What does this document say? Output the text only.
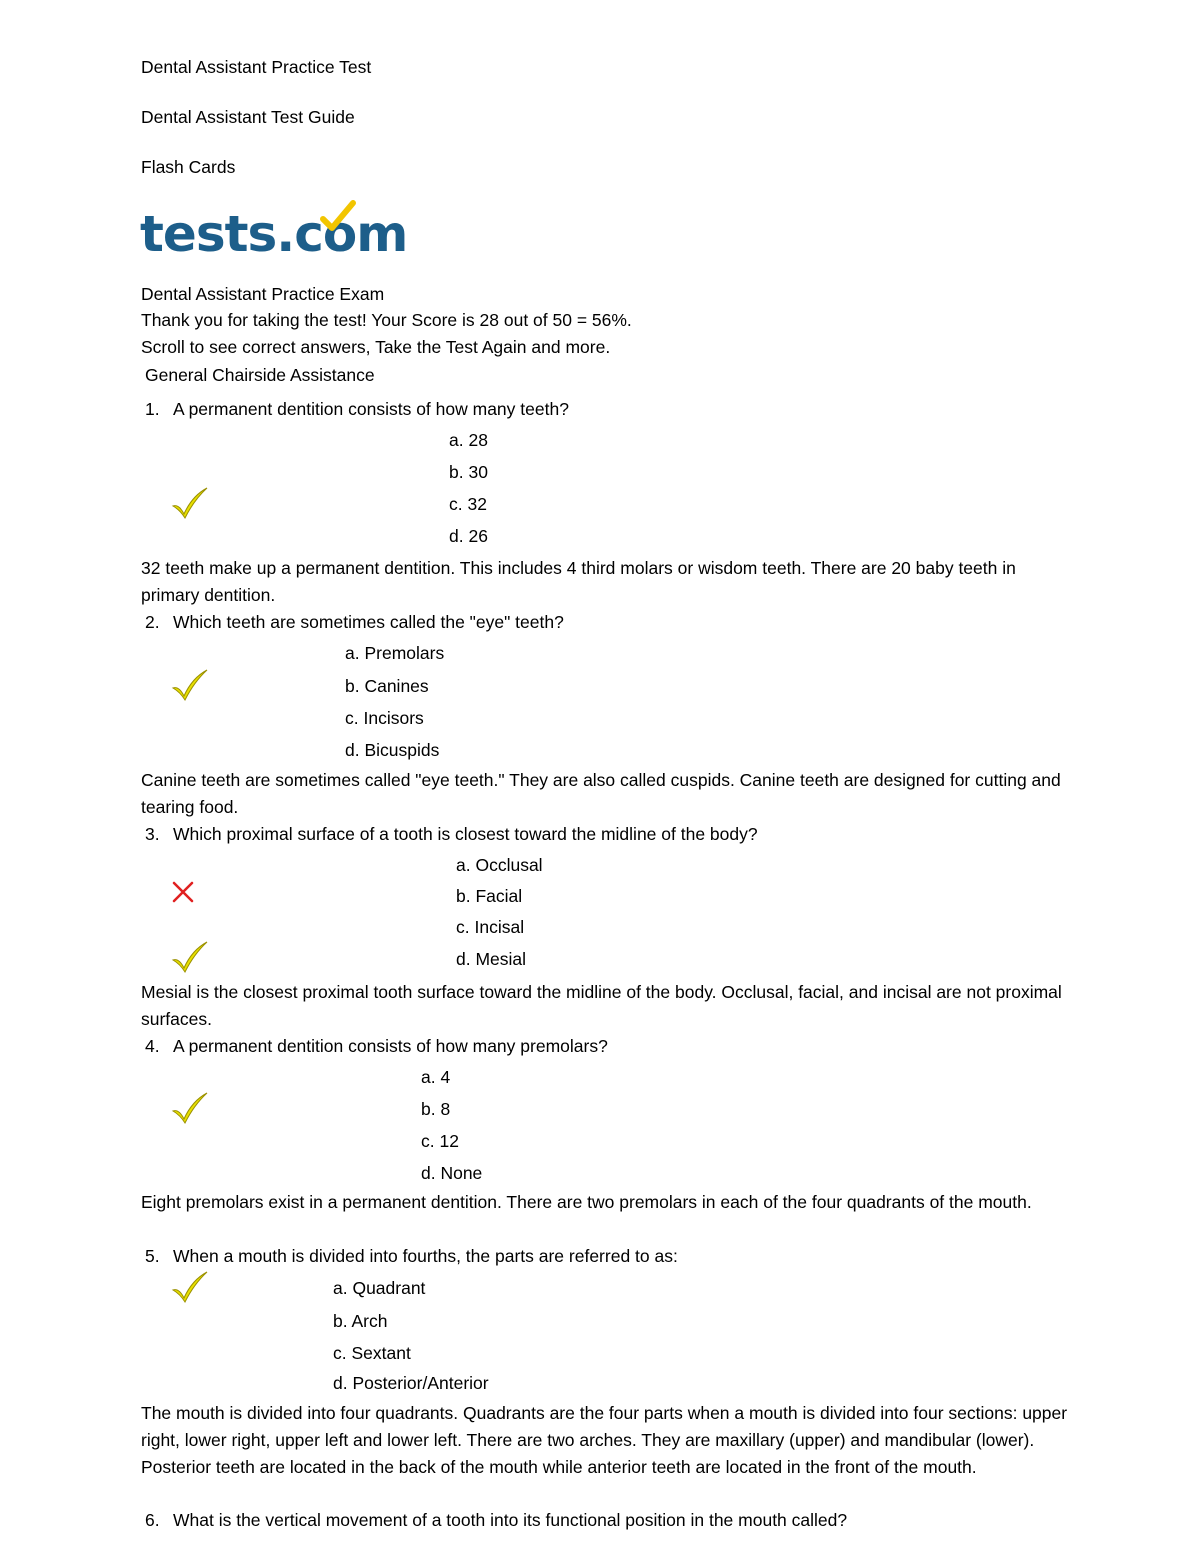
Dental Assistant Practice Test
Dental Assistant Test Guide
Flash Cards
tests.co
m
Dental Assistant Practice Exam
Thank you for taking the test! Your Score is 28 out of 50 = 56%.
Scroll to see correct answers, Take the Test Again and more.
General Chairside Assistance
1. A permanent dentition consists of how many teeth?
a. 28
b. 30
c. 32
d. 26
32 teeth make up a permanent dentition. This includes 4 third molars or wisdom teeth. There are 20 baby teeth in primary dentition.
2. Which teeth are sometimes called the "eye" teeth?
a. Premolars
b. Canines
c. Incisors
d. Bicuspids
Canine teeth are sometimes called "eye teeth." They are also called cuspids. Canine teeth are designed for cutting and tearing food.
3. Which proximal surface of a tooth is closest toward the midline of the body?
a. Occlusal
b. Facial
c. Incisal
d. Mesial
Mesial is the closest proximal tooth surface toward the midline of the body. Occlusal, facial, and incisal are not proximal surfaces.
4. A permanent dentition consists of how many premolars?
a. 4
b. 8
c. 12
d. None
Eight premolars exist in a permanent dentition. There are two premolars in each of the four quadrants of the mouth.
5. When a mouth is divided into fourths, the parts are referred to as:
a. Quadrant
b. Arch
c. Sextant
d. Posterior/Anterior
The mouth is divided into four quadrants. Quadrants are the four parts when a mouth is divided into four sections: upper right, lower right, upper left and lower left. There are two arches. They are maxillary (upper) and mandibular (lower). Posterior teeth are located in the back of the mouth while anterior teeth are located in the front of the mouth.
6. What is the vertical movement of a tooth into its functional position in the mouth called?
